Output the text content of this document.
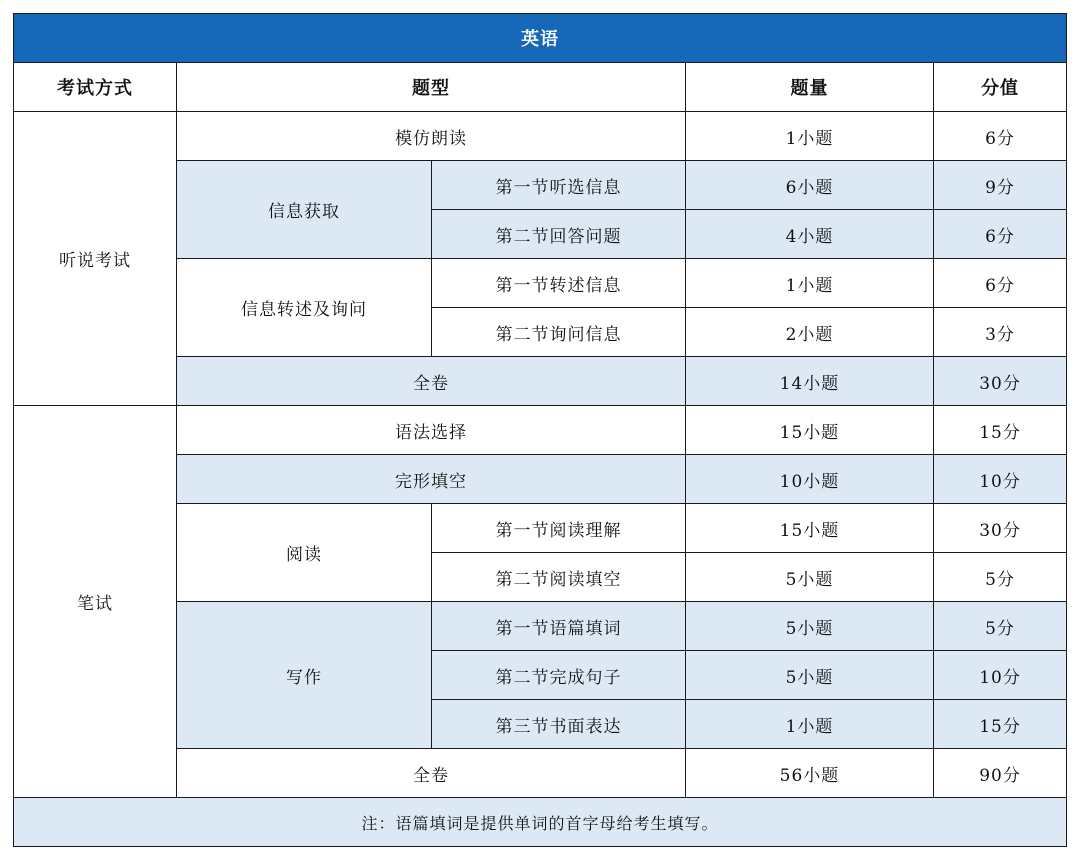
英语				
考试方式	题型		题量	分值
听说考试	模仿朗读		1小题	6分
	信息获取	第一节听选信息	6小题	9分
		第二节回答问题	4小题	6分
	信息转述及询问	第一节转述信息	1小题	6分
		第二节询问信息	2小题	3分
	全卷		14小题	30分
笔试	语法选择		15小题	15分
	完形填空		10小题	10分
	阅读	第一节阅读理解	15小题	30分
		第二节阅读填空	5小题	5分
	写作	第一节语篇填词	5小题	5分
		第二节完成句子	5小题	10分
		第三节书面表达	1小题	15分
	全卷		56小题	90分
注：语篇填词是提供单词的首字母给考生填写。				
